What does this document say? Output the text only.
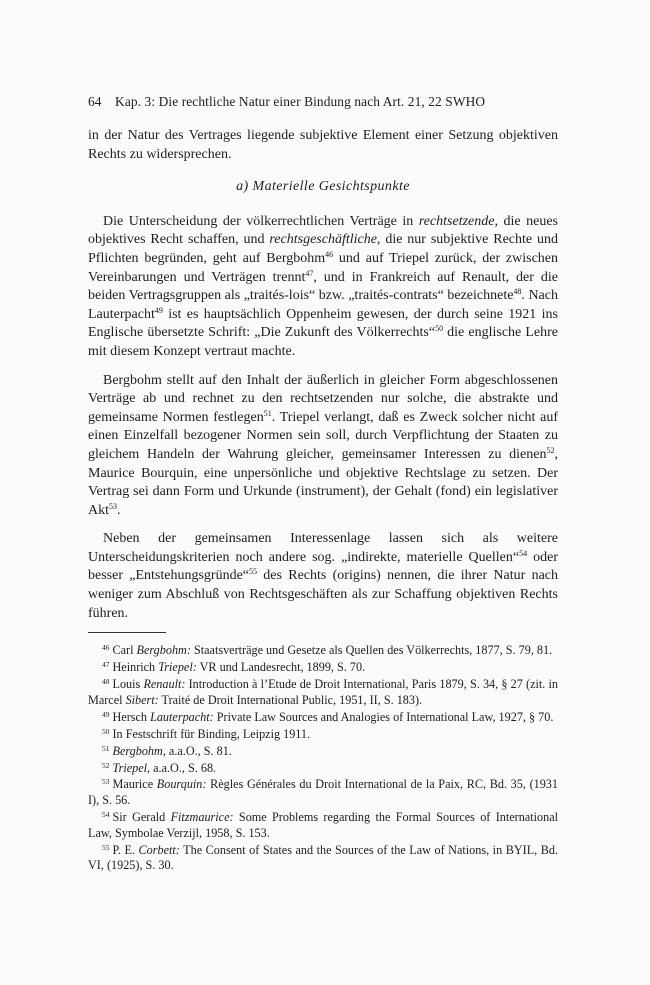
64 Kap. 3: Die rechtliche Natur einer Bindung nach Art. 21, 22 SWHO

in der Natur des Vertrages liegende subjektive Element einer Setzung objektiven Rechts zu widersprechen.

a) Materielle Gesichtspunkte

Die Unterscheidung der völkerrechtlichen Verträge in rechtsetzende, die neues objektives Recht schaffen, und rechtsgeschäftliche, die nur subjektive Rechte und Pflichten begründen, geht auf Bergbohm$^{46}$ und auf Triepel zurück, der zwischen Vereinbarungen und Verträgen trennt$^{47}$, und in Frankreich auf Renault, der die beiden Vertragsgruppen als „traités-lois“ bzw. „traités-contrats“ bezeichnete$^{48}$. Nach Lauterpacht$^{49}$ ist es hauptsächlich Oppenheim gewesen, der durch seine 1921 ins Englische übersetzte Schrift: „Die Zukunft des Völkerrechts“$^{50}$ die englische Lehre mit diesem Konzept vertraut machte.

Bergbohm stellt auf den Inhalt der äußerlich in gleicher Form abgeschlossenen Verträge ab und rechnet zu den rechtsetzenden nur solche, die abstrakte und gemeinsame Normen festlegen$^{51}$. Triepel verlangt, daß es Zweck solcher nicht auf einen Einzelfall bezogener Normen sein soll, durch Verpflichtung der Staaten zu gleichem Handeln der Wahrung gleicher, gemeinsamer Interessen zu dienen$^{52}$, Maurice Bourquin, eine unpersönliche und objektive Rechtslage zu setzen. Der Vertrag sei dann Form und Urkunde (instrument), der Gehalt (fond) ein legislativer Akt$^{53}$.

Neben der gemeinsamen Interessenlage lassen sich als weitere Unterscheidungskriterien noch andere sog. „indirekte, materielle Quellen“$^{54}$ oder besser „Entstehungsgründe“$^{55}$ des Rechts (origins) nennen, die ihrer Natur nach weniger zum Abschluß von Rechtsgeschäften als zur Schaffung objektiven Rechts führen.

$^{46}$ Carl Bergbohm: Staatsverträge und Gesetze als Quellen des Völkerrechts, 1877, S. 79, 81.

$^{47}$ Heinrich Triepel: VR und Landesrecht, 1899, S. 70.

$^{48}$ Louis Renault: Introduction à l’Etude de Droit International, Paris 1879, S. 34, § 27 (zit. in Marcel Sibert: Traité de Droit International Public, 1951, II, S. 183).

$^{49}$ Hersch Lauterpacht: Private Law Sources and Analogies of International Law, 1927, § 70.

$^{50}$ In Festschrift für Binding, Leipzig 1911.

$^{51}$ Bergbohm, a.a.O., S. 81.

$^{52}$ Triepel, a.a.O., S. 68.

$^{53}$ Maurice Bourquin: Règles Générales du Droit International de la Paix, RC, Bd. 35, (1931 I), S. 56.

$^{54}$ Sir Gerald Fitzmaurice: Some Problems regarding the Formal Sources of International Law, Symbolae Verzijl, 1958, S. 153.

$^{55}$ P. E. Corbett: The Consent of States and the Sources of the Law of Nations, in BYIL, Bd. VI, (1925), S. 30.
